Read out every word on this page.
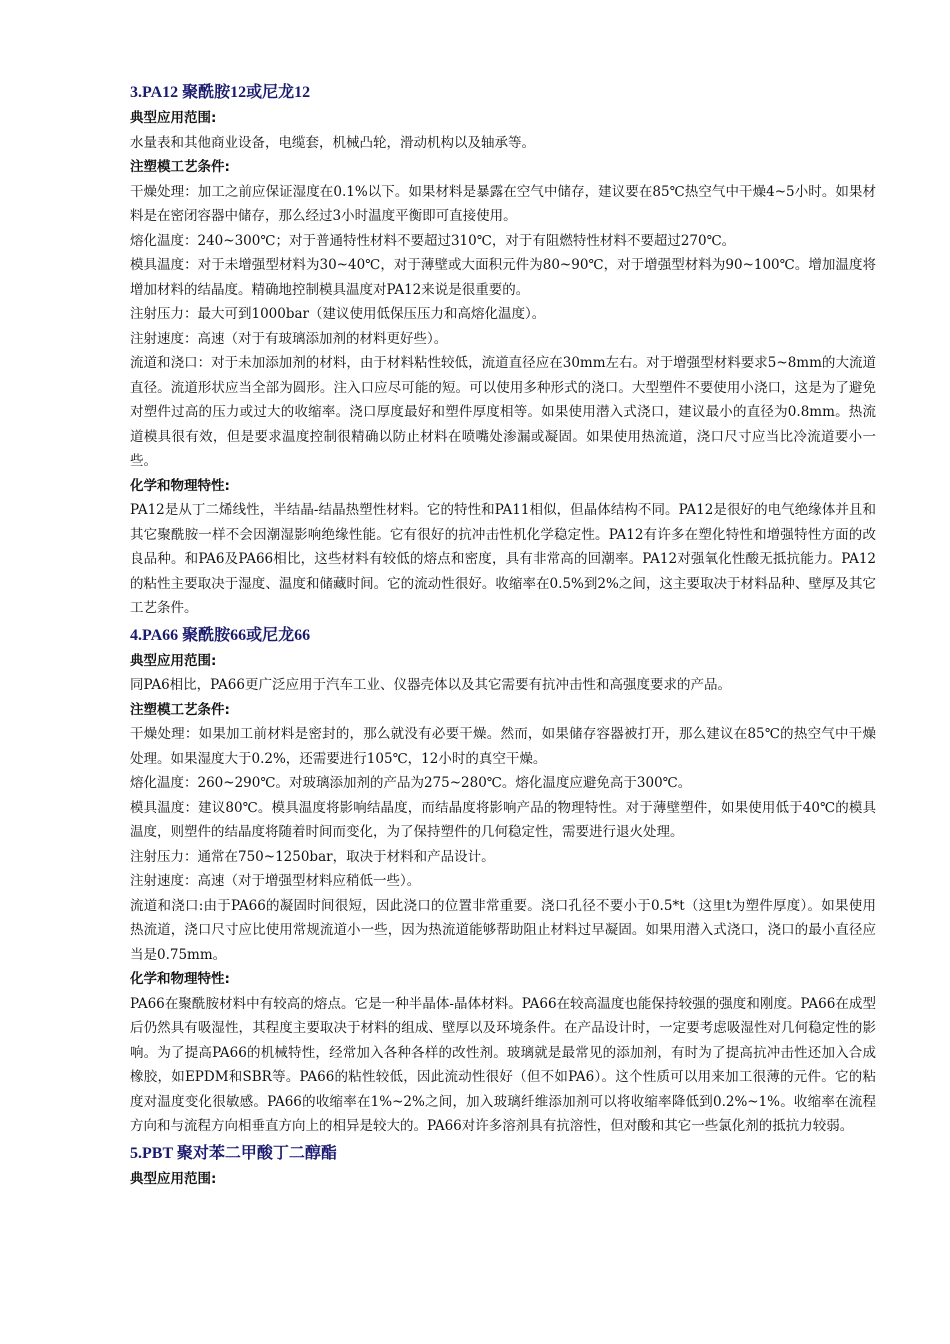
3.PA12 聚酰胺12或尼龙12
典型应用范围:
水量表和其他商业设备，电缆套，机械凸轮，滑动机构以及轴承等。
注塑模工艺条件:
干燥处理：加工之前应保证湿度在0.1%以下。如果材料是暴露在空气中储存，建议要在85℃热空气中干燥4~5小时。如果材料是在密闭容器中储存，那么经过3小时温度平衡即可直接使用。
熔化温度：240~300℃；对于普通特性材料不要超过310℃，对于有阻燃特性材料不要超过270℃。
模具温度：对于未增强型材料为30~40℃，对于薄壁或大面积元件为80~90℃，对于增强型材料为90~100℃。增加温度将增加材料的结晶度。精确地控制模具温度对PA12来说是很重要的。
注射压力：最大可到1000bar（建议使用低保压压力和高熔化温度）。
注射速度：高速（对于有玻璃添加剂的材料更好些）。
流道和浇口：对于未加添加剂的材料，由于材料粘性较低，流道直径应在30mm左右。对于增强型材料要求5~8mm的大流道直径。流道形状应当全部为圆形。注入口应尽可能的短。可以使用多种形式的浇口。大型塑件不要使用小浇口，这是为了避免对塑件过高的压力或过大的收缩率。浇口厚度最好和塑件厚度相等。如果使用潜入式浇口，建议最小的直径为0.8mm。热流道模具很有效，但是要求温度控制很精确以防止材料在喷嘴处渗漏或凝固。如果使用热流道，浇口尺寸应当比冷流道要小一些。
化学和物理特性:
PA12是从丁二烯线性，半结晶-结晶热塑性材料。它的特性和PA11相似，但晶体结构不同。PA12是很好的电气绝缘体并且和其它聚酰胺一样不会因潮湿影响绝缘性能。它有很好的抗冲击性机化学稳定性。PA12有许多在塑化特性和增强特性方面的改良品种。和PA6及PA66相比，这些材料有较低的熔点和密度，具有非常高的回潮率。PA12对强氧化性酸无抵抗能力。PA12的粘性主要取决于湿度、温度和储藏时间。它的流动性很好。收缩率在0.5%到2%之间，这主要取决于材料品种、壁厚及其它工艺条件。
4.PA66 聚酰胺66或尼龙66
典型应用范围:
同PA6相比，PA66更广泛应用于汽车工业、仪器壳体以及其它需要有抗冲击性和高强度要求的产品。
注塑模工艺条件:
干燥处理：如果加工前材料是密封的，那么就没有必要干燥。然而，如果储存容器被打开，那么建议在85℃的热空气中干燥处理。如果湿度大于0.2%，还需要进行105℃，12小时的真空干燥。
熔化温度：260~290℃。对玻璃添加剂的产品为275~280℃。熔化温度应避免高于300℃。
模具温度：建议80℃。模具温度将影响结晶度，而结晶度将影响产品的物理特性。对于薄壁塑件，如果使用低于40℃的模具温度，则塑件的结晶度将随着时间而变化，为了保持塑件的几何稳定性，需要进行退火处理。
注射压力：通常在750~1250bar，取决于材料和产品设计。
注射速度：高速（对于增强型材料应稍低一些）。
流道和浇口:由于PA66的凝固时间很短，因此浇口的位置非常重要。浇口孔径不要小于0.5*t（这里t为塑件厚度）。如果使用热流道，浇口尺寸应比使用常规流道小一些，因为热流道能够帮助阻止材料过早凝固。如果用潜入式浇口，浇口的最小直径应当是0.75mm。
化学和物理特性:
PA66在聚酰胺材料中有较高的熔点。它是一种半晶体-晶体材料。PA66在较高温度也能保持较强的强度和刚度。PA66在成型后仍然具有吸湿性，其程度主要取决于材料的组成、壁厚以及环境条件。在产品设计时，一定要考虑吸湿性对几何稳定性的影响。为了提高PA66的机械特性，经常加入各种各样的改性剂。玻璃就是最常见的添加剂，有时为了提高抗冲击性还加入合成橡胶，如EPDM和SBR等。PA66的粘性较低，因此流动性很好（但不如PA6）。这个性质可以用来加工很薄的元件。它的粘度对温度变化很敏感。PA66的收缩率在1%~2%之间，加入玻璃纤维添加剂可以将收缩率降低到0.2%~1%。收缩率在流程方向和与流程方向相垂直方向上的相异是较大的。PA66对许多溶剂具有抗溶性，但对酸和其它一些氯化剂的抵抗力较弱。
5.PBT 聚对苯二甲酸丁二醇酯
典型应用范围:
